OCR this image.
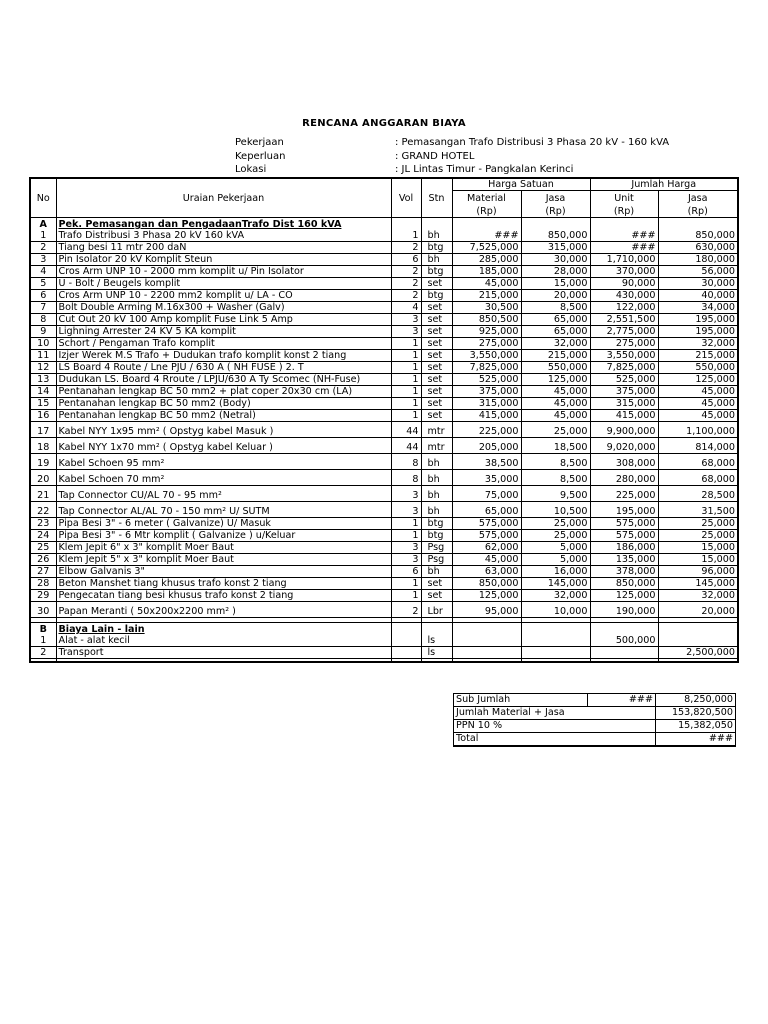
RENCANA ANGGARAN BIAYA
Pekerjaan	: Pemasangan Trafo Distribusi 3 Phasa 20 kV - 160 kVA
Keperluan	: GRAND HOTEL
Lokasi	: JL Lintas Timur - Pangkalan Kerinci
No	Uraian Pekerjaan	Vol	Stn	Harga Satuan		Jumlah Harga	
				Material	Jasa	Unit	Jasa
				(Rp)	(Rp)	(Rp)	(Rp)
A	Pek. Pemasangan dan PengadaanTrafo Dist 160 kVA						
1	Trafo Distribusi 3 Phasa 20 kV 160 kVA	1	bh	###	850,000	###	850,000
2	Tiang besi 11 mtr 200 daN	2	btg	7,525,000	315,000	###	630,000
3	Pin Isolator 20 kV Komplit Steun	6	bh	285,000	30,000	1,710,000	180,000
4	Cros Arm UNP 10 - 2000 mm komplit u/ Pin Isolator	2	btg	185,000	28,000	370,000	56,000
5	U - Bolt / Beugels komplit	2	set	45,000	15,000	90,000	30,000
6	Cros Arm UNP 10 - 2200 mm2 komplit u/ LA - CO	2	btg	215,000	20,000	430,000	40,000
7	Bolt Double Arming M.16x300 + Washer (Galv)	4	set	30,500	8,500	122,000	34,000
8	Cut Out 20 kV 100 Amp komplit Fuse Link 5 Amp	3	set	850,500	65,000	2,551,500	195,000
9	Lighning Arrester 24 KV 5 KA komplit	3	set	925,000	65,000	2,775,000	195,000
10	Schort / Pengaman Trafo komplit	1	set	275,000	32,000	275,000	32,000
11	Izjer Werek M.S Trafo + Dudukan trafo komplit konst 2 tiang	1	set	3,550,000	215,000	3,550,000	215,000
12	LS Board 4 Route / Lne PJU / 630 A ( NH FUSE ) 2. T	1	set	7,825,000	550,000	7,825,000	550,000
13	Dudukan LS. Board 4 Rroute / LPJU/630 A Ty Scomec (NH-Fuse)	1	set	525,000	125,000	525,000	125,000
14	Pentanahan lengkap BC 50 mm2 + plat coper 20x30 cm (LA)	1	set	375,000	45,000	375,000	45,000
15	Pentanahan lengkap BC 50 mm2 (Body)	1	set	315,000	45,000	315,000	45,000
16	Pentanahan lengkap BC 50 mm2 (Netral)	1	set	415,000	45,000	415,000	45,000
17	Kabel NYY 1x95 mm² ( Opstyg kabel Masuk )	44	mtr	225,000	25,000	9,900,000	1,100,000
18	Kabel NYY 1x70 mm² ( Opstyg kabel Keluar )	44	mtr	205,000	18,500	9,020,000	814,000
19	Kabel Schoen 95 mm²	8	bh	38,500	8,500	308,000	68,000
20	Kabel Schoen 70 mm²	8	bh	35,000	8,500	280,000	68,000
21	Tap Connector CU/AL 70 - 95 mm²	3	bh	75,000	9,500	225,000	28,500
22	Tap Connector AL/AL 70 - 150 mm² U/ SUTM	3	bh	65,000	10,500	195,000	31,500
23	Pipa Besi 3" - 6 meter ( Galvanize) U/ Masuk	1	btg	575,000	25,000	575,000	25,000
24	Pipa Besi 3" - 6 Mtr komplit ( Galvanize ) u/Keluar	1	btg	575,000	25,000	575,000	25,000
25	Klem Jepit 6" x 3" komplit Moer Baut	3	Psg	62,000	5,000	186,000	15,000
26	Klem Jepit 5" x 3" komplit Moer Baut	3	Psg	45,000	5,000	135,000	15,000
27	Elbow Galvanis 3"	6	bh	63,000	16,000	378,000	96,000
28	Beton Manshet tiang khusus trafo konst 2 tiang	1	set	850,000	145,000	850,000	145,000
29	Pengecatan tiang besi khusus trafo konst 2 tiang	1	set	125,000	32,000	125,000	32,000
30	Papan Meranti ( 50x200x2200 mm² )	2	Lbr	95,000	10,000	190,000	20,000

B	Biaya Lain - lain						
1	Alat - alat kecil		ls			500,000	
2	Transport		ls				2,500,000

Sub Jumlah	###	8,250,000
Jumlah Material + Jasa		153,820,500
PPN 10 %		15,382,050
Total		###
